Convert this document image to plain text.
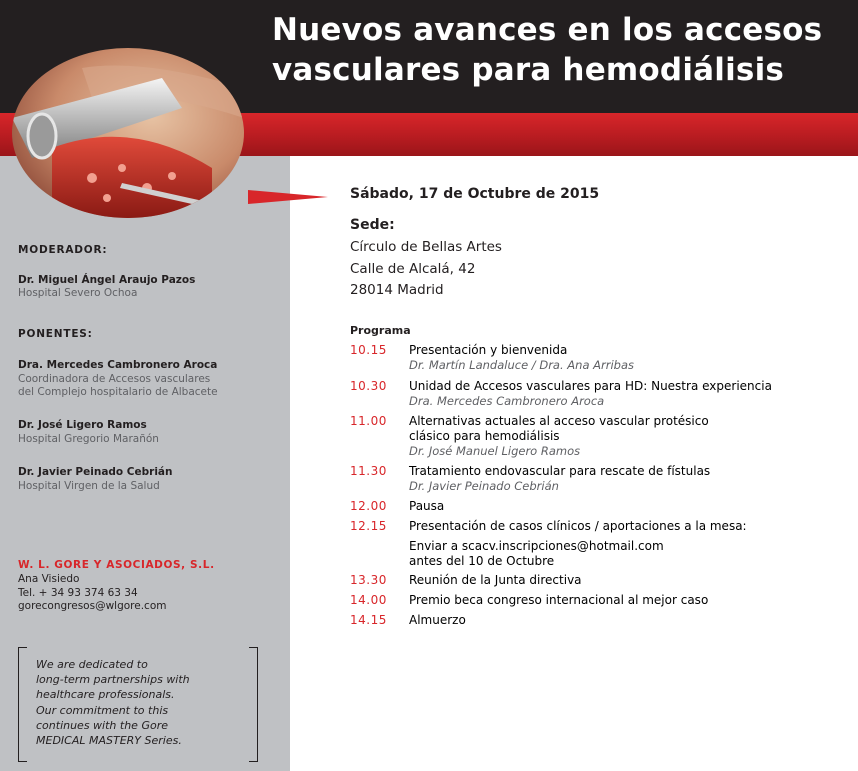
Nuevos avances en los accesos
vasculares para hemodiálisis
MODERADOR:
Dr. Miguel Ángel Araujo Pazos
Hospital Severo Ochoa
PONENTES:
Dra. Mercedes Cambronero Aroca
Coordinadora de Accesos vasculares
del Complejo hospitalario de Albacete
Dr. José Ligero Ramos
Hospital Gregorio Marañón
Dr. Javier Peinado Cebrián
Hospital Virgen de la Salud
W. L. GORE Y ASOCIADOS, S.L.
Ana Visiedo
Tel. + 34 93 374 63 34
gorecongresos@wlgore.com
We are dedicated to
long-term partnerships with
healthcare professionals.
Our commitment to this
continues with the Gore
MEDICAL MASTERY Series.
Sábado, 17 de Octubre de 2015
Sede:
Círculo de Bellas Artes
Calle de Alcalá, 42
28014 Madrid
Programa
10.15 Presentación y bienvenida
Dr. Martín Landaluce / Dra. Ana Arribas
10.30 Unidad de Accesos vasculares para HD: Nuestra experiencia
Dra. Mercedes Cambronero Aroca
11.00 Alternativas actuales al acceso vascular protésico
clásico para hemodiálisis
Dr. José Manuel Ligero Ramos
11.30 Tratamiento endovascular para rescate de fístulas
Dr. Javier Peinado Cebrián
12.00 Pausa
12.15 Presentación de casos clínicos / aportaciones a la mesa:
Enviar a scacv.inscripciones@hotmail.com
antes del 10 de Octubre
13.30 Reunión de la Junta directiva
14.00 Premio beca congreso internacional al mejor caso
14.15 Almuerzo
